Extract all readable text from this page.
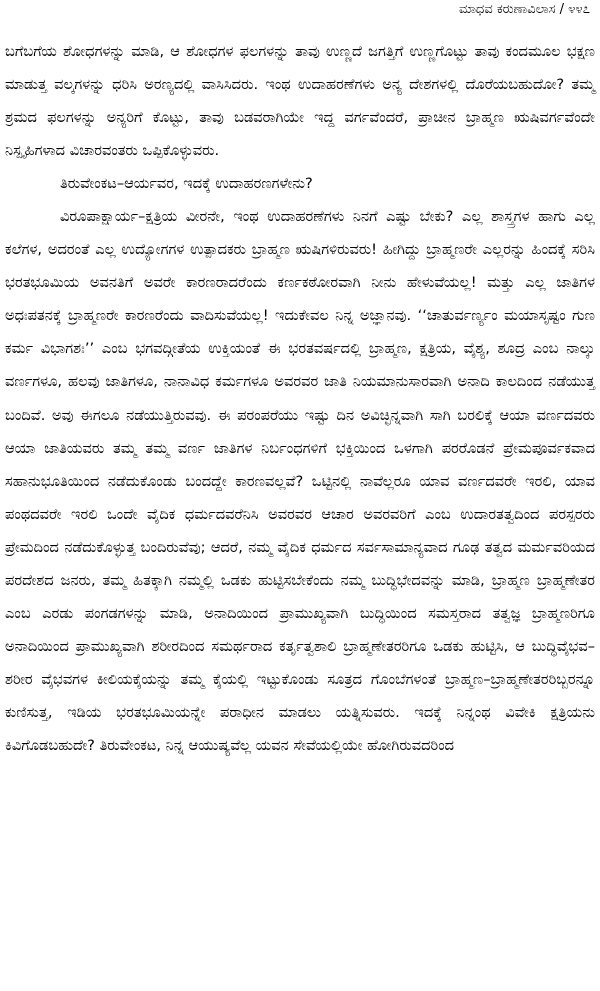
ಮಾಧವ ಕರುಣಾವಿಲಾಸ / ೪೪೭

ಬಗೆಬಗೆಯ ಶೋಧಗಳನ್ನು ಮಾಡಿ, ಆ ಶೋಧಗಳ ಫಲಗಳನ್ನು ತಾವು ಉಣ್ಣದೆ ಜಗತ್ತಿಗೆ ಉಣ್ಣಗೊಟ್ಟು ತಾವು ಕಂದಮೂಲ ಭಕ್ಷಣ ಮಾಡುತ್ತ ವಲ್ಕಗಳನ್ನು ಧರಿಸಿ ಅರಣ್ಯದಲ್ಲಿ ವಾಸಿಸಿದರು. ಇಂಥ ಉದಾಹರಣೆಗಳು ಅನ್ಯ ದೇಶಗಳಲ್ಲಿ ದೊರೆಯಬಹುದೋ? ತಮ್ಮ ಶ್ರಮದ ಫಲಗಳನ್ನು ಅನ್ಯರಿಗೆ ಕೊಟ್ಟು, ತಾವು ಬಡವರಾಗಿಯೇ ಇದ್ದ ವರ್ಗವೆಂದರೆ, ಪ್ರಾಚೀನ ಬ್ರಾಹ್ಮಣ ಋಷಿವರ್ಗವೆಂದೇ ನಿಸ್ಪೃಹಿಗಳಾದ ವಿಚಾರವಂತರು ಒಪ್ಪಿಕೊಳ್ಳುವರು.

ತಿರುವೇಂಕಟ–ಆರ್ಯವರ, ಇದಕ್ಕೆ ಉದಾಹರಣಗಳೇನು?

ವಿರೂಪಾಕ್ಷಾರ್ಯ–ಕ್ಷತ್ರಿಯ ವೀರನೇ, ಇಂಥ ಉದಾಹರಣೆಗಳು ನಿನಗೆ ಎಷ್ಟು ಬೇಕು? ಎಲ್ಲ ಶಾಸ್ತ್ರಗಳ ಹಾಗು ಎಲ್ಲ ಕಲೆಗಳ, ಅದರಂತೆ ಎಲ್ಲ ಉದ್ಯೋಗಗಳ ಉತ್ಪಾದಕರು ಬ್ರಾಹ್ಮಣ ಋಷಿಗಳಿರುವರು! ಹೀಗಿದ್ದು ಬ್ರಾಹ್ಮಣರೇ ಎಲ್ಲರನ್ನು ಹಿಂದಕ್ಕೆ ಸರಿಸಿ ಭರತಭೂಮಿಯ ಅವನತಿಗೆ ಅವರೇ ಕಾರಣರಾದರೆಂದು ಕರ್ಣಕಠೋರವಾಗಿ ನೀನು ಹೇಳುವೆಯಲ್ಲ! ಮತ್ತು ಎಲ್ಲ ಜಾತಿಗಳ ಅಧಃಪತನಕ್ಕೆ ಬ್ರಾಹ್ಮಣರೇ ಕಾರಣರೆಂದು ವಾದಿಸುವೆಯಲ್ಲ! ಇದುಕೇವಲ ನಿನ್ನ ಅಜ್ಞಾನವು. ‘‘ಚಾತುರ್ವರ್ಣ್ಯಂ ಮಯಾಸೃಷ್ಟಂ ಗುಣ ಕರ್ಮ ವಿಭಾಗಶಃ’’ ಎಂಬ ಭಗವದ್ಗೀತೆಯ ಉಕ್ತಿಯಂತೆ ಈ ಭರತವರ್ಷದಲ್ಲಿ ಬ್ರಾಹ್ಮಣ, ಕ್ಷತ್ರಿಯ, ವೈಶ್ಯ, ಶೂದ್ರ ಎಂಬ ನಾಲ್ಕು ವರ್ಣಗಳೂ, ಹಲವು ಜಾತಿಗಳೂ, ನಾನಾವಿಧ ಕರ್ಮಗಳೂ ಅವರವರ ಜಾತಿ ನಿಯಮಾನುಸಾರವಾಗಿ ಅನಾದಿ ಕಾಲದಿಂದ ನಡೆಯುತ್ತ ಬಂದಿವೆ. ಅವು ಈಗಲೂ ನಡೆಯುತ್ತಿರುವವು. ಈ ಪರಂಪರೆಯು ಇಷ್ಟು ದಿನ ಅವಿಚ್ಛಿನ್ನವಾಗಿ ಸಾಗಿ ಬರಲಿಕ್ಕೆ ಆಯಾ ವರ್ಣದವರು ಆಯಾ ಜಾತಿಯವರು ತಮ್ಮ ತಮ್ಮ ವರ್ಣ ಜಾತಿಗಳ ನಿರ್ಬಂಧಗಳಿಗೆ ಭಕ್ತಿಯಿಂದ ಒಳಗಾಗಿ ಪರರೊಡನೆ ಪ್ರೇಮಪೂರ್ವಕವಾದ ಸಹಾನುಭೂತಿಯಿಂದ ನಡೆದುಕೊಂಡು ಬಂದದ್ದೇ ಕಾರಣವಲ್ಲವೆ? ಒಟ್ಟಿನಲ್ಲಿ ನಾವೆಲ್ಲರೂ ಯಾವ ವರ್ಣದವರೇ ಇರಲಿ, ಯಾವ ಪಂಥದವರೇ ಇರಲಿ ಒಂದೇ ವೈದಿಕ ಧರ್ಮದವರೆನಿಸಿ ಅವರವರ ಆಚಾರ ಅವರವರಿಗೆ ಎಂಬ ಉದಾರತತ್ವದಿಂದ ಪರಸ್ಪರರು ಪ್ರೇಮದಿಂದ ನಡೆದುಕೊಳ್ಳುತ್ತ ಬಂದಿರುವೆವು; ಆದರೆ, ನಮ್ಮ ವೈದಿಕ ಧರ್ಮದ ಸರ್ವಸಾಮಾನ್ಯವಾದ ಗೂಢ ತತ್ವದ ಮರ್ಮವರಿಯದ ಪರದೇಶದ ಜನರು, ತಮ್ಮ ಹಿತಕ್ಕಾಗಿ ನಮ್ಮಲ್ಲಿ ಒಡಕು ಹುಟ್ಟಿಸಬೇಕೆಂದು ನಮ್ಮ ಬುದ್ಧಿಭೇದವನ್ನು ಮಾಡಿ, ಬ್ರಾಹ್ಮಣ ಬ್ರಾಹ್ಮಣೇತರ ಎಂಬ ಎರಡು ಪಂಗಡಗಳನ್ನು ಮಾಡಿ, ಅನಾದಿಯಿಂದ ಪ್ರಾಮುಖ್ಯವಾಗಿ ಬುದ್ಧಿಯಿಂದ ಸಮಸ್ತರಾದ ತತ್ವಜ್ಞ ಬ್ರಾಹ್ಮಣರಿಗೂ ಅನಾದಿಯಿಂದ ಪ್ರಾಮುಖ್ಯವಾಗಿ ಶರೀರದಿಂದ ಸಮರ್ಥರಾದ ಕರ್ತೃತ್ವಶಾಲಿ ಬ್ರಾಹ್ಮಣೇತರರಿಗೂ ಒಡಕು ಹುಟ್ಟಿಸಿ, ಆ ಬುದ್ಧಿವೈಭವ–ಶರೀರ ವೈಭವಗಳ ಕೀಲಿಯಕೈಯನ್ನು ತಮ್ಮ ಕೈಯಲ್ಲಿ ಇಟ್ಟುಕೊಂಡು ಸೂತ್ರದ ಗೊಂಬೆಗಳಂತೆ ಬ್ರಾಹ್ಮಣ–ಬ್ರಾಹ್ಮಣೇತರರಿಬ್ಬರನ್ನೂ ಕುಣಿಸುತ್ತ, ಇಡಿಯ ಭರತಭೂಮಿಯನ್ನೇ ಪರಾಧೀನ ಮಾಡಲು ಯತ್ನಿಸುವರು. ಇದಕ್ಕೆ ನಿನ್ನಂಥ ವಿವೇಕಿ ಕ್ಷತ್ರಿಯನು ಕಿವಿಗೊಡಬಹುದೇ? ತಿರುವೇಂಕಟ, ನಿನ್ನ ಆಯುಷ್ಯವೆಲ್ಲ ಯವನ ಸೇವೆಯಲ್ಲಿಯೇ ಹೋಗಿರುವದರಿಂದ
